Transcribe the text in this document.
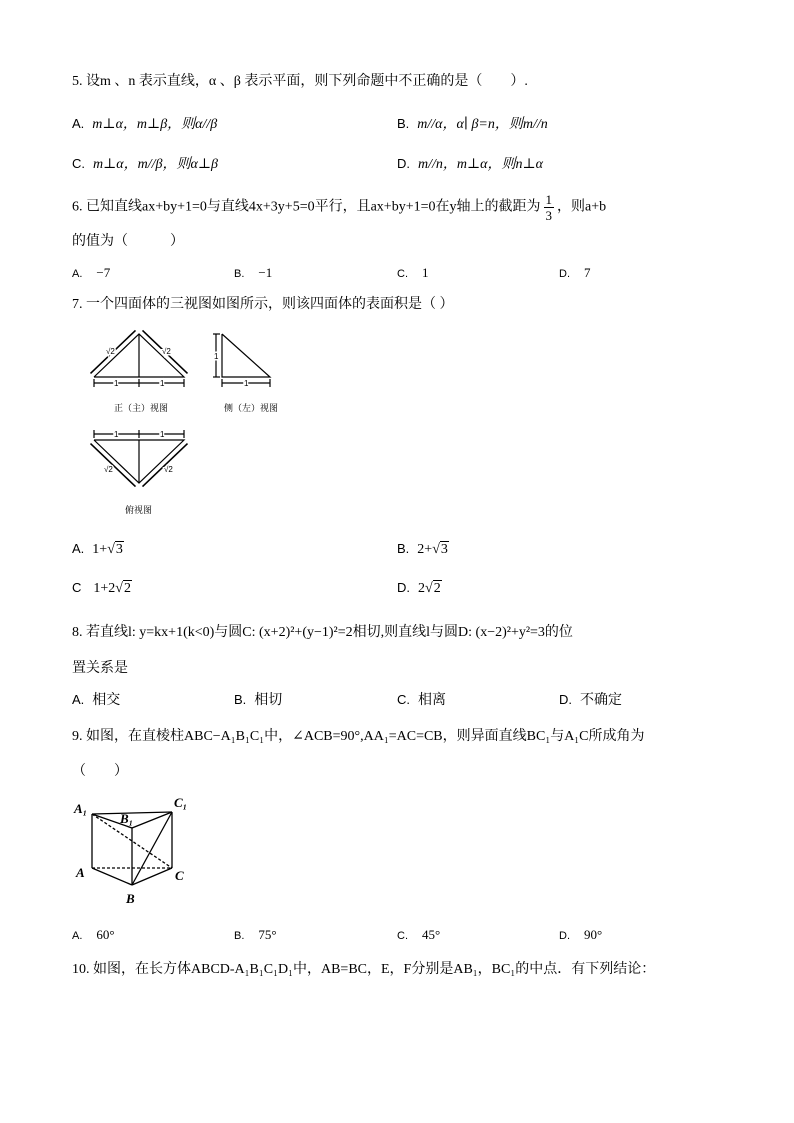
5. 设m 、n 表示直线，α 、β 表示平面，则下列命题中不正确的是（　　）.
A. m⊥α，m⊥β，则α//β	B. m//α，α∣ β=n，则m//n
C. m⊥α，m//β，则α⊥β	D. m//n，m⊥α，则n⊥α
6. 已知直线ax+by+1=0与直线4x+3y+5=0平行，且ax+by+1=0在y轴上的截距为 $\frac{1}{3}$ ，则a+b
的值为（　　　）
A. −7	B. −1	C. 1	D. 7
7. 一个四面体的三视图如图所示，则该四面体的表面积是（ ）
√2	√2
1	1
正（主）视图
1
1
侧（左）视图
1	1
√2	√2
俯视图
A. 1+√3	B. 2+√3
C 1+2√2	D. 2√2
8. 若直线l: y=kx+1(k<0)与圆C: (x+2)²+(y−1)²=2相切,则直线l与圆D: (x−2)²+y²=3的位
置关系是
A. 相交	B. 相切	C. 相离	D. 不确定
9. 如图，在直棱柱ABC−A₁B₁C₁中，∠ACB=90°,AA₁=AC=CB，则异面直线BC₁与A₁C所成角为
（　　）
A₁
B₁
C₁
A	C
B
A. 60°	B. 75°	C. 45°	D. 90°
10. 如图，在长方体ABCD-A₁B₁C₁D₁中，AB=BC，E，F分别是AB₁，BC₁的中点．有下列结论：
